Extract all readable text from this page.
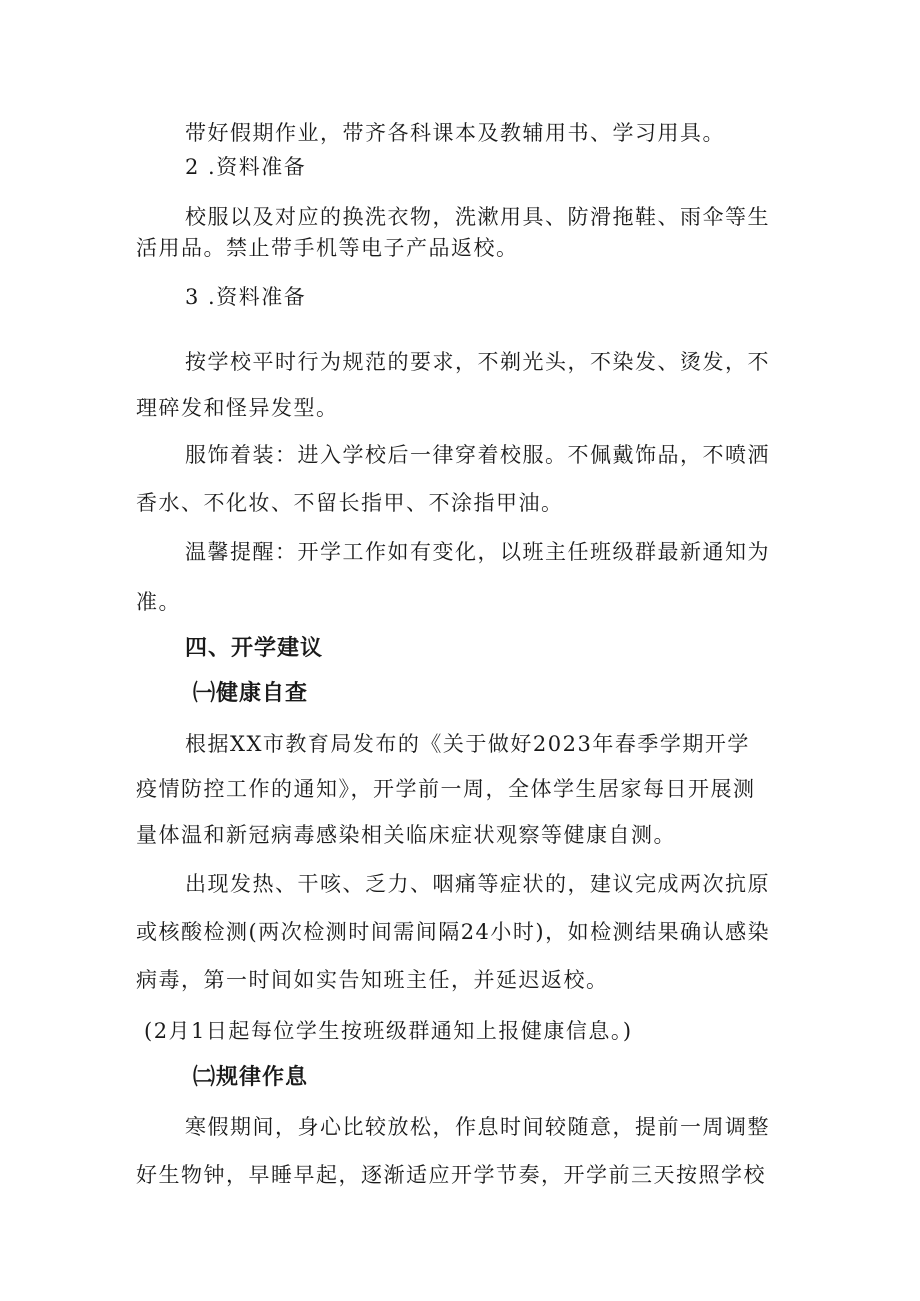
带好假期作业，带齐各科课本及教辅用书、学习用具。
2 .资料准备
校服以及对应的换洗衣物，洗漱用具、防滑拖鞋、雨伞等生
活用品。禁止带手机等电子产品返校。
3 .资料准备
按学校平时行为规范的要求，不剃光头，不染发、烫发，不
理碎发和怪异发型。
服饰着装：进入学校后一律穿着校服。不佩戴饰品，不喷洒
香水、不化妆、不留长指甲、不涂指甲油。
温馨提醒：开学工作如有变化，以班主任班级群最新通知为
准。
四、开学建议
㈠健康自查
根据XX市教育局发布的《关于做好2023年春季学期开学
疫情防控工作的通知》，开学前一周，全体学生居家每日开展测
量体温和新冠病毒感染相关临床症状观察等健康自测。
出现发热、干咳、乏力、咽痛等症状的，建议完成两次抗原
或核酸检测(两次检测时间需间隔24小时)，如检测结果确认感染
病毒，第一时间如实告知班主任，并延迟返校。
(2月1日起每位学生按班级群通知上报健康信息。)
㈡规律作息
寒假期间，身心比较放松，作息时间较随意，提前一周调整
好生物钟，早睡早起，逐渐适应开学节奏，开学前三天按照学校
